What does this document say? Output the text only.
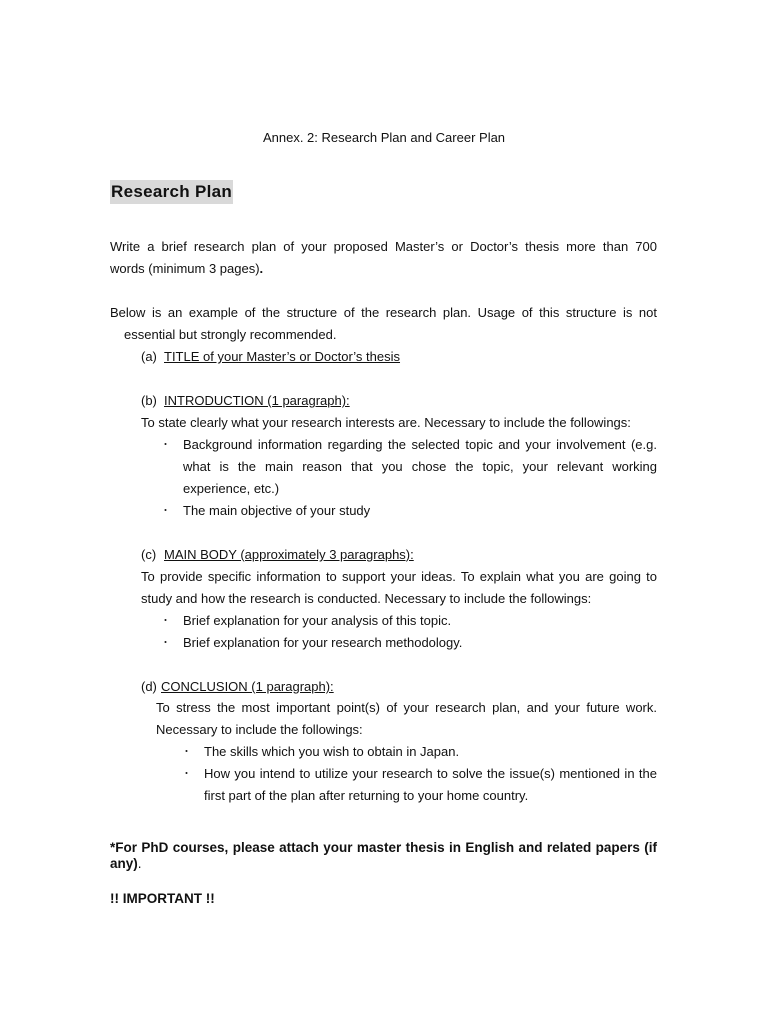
Annex. 2: Research Plan and Career Plan
Research Plan
Write a brief research plan of your proposed Master’s or Doctor’s thesis more than 700
words (minimum 3 pages).
Below is an example of the structure of the research plan. Usage of this structure is not
essential but strongly recommended.
(a) TITLE of your Master’s or Doctor’s thesis
(b) INTRODUCTION (1 paragraph):
To state clearly what your research interests are. Necessary to include the followings:
・ Background information regarding the selected topic and your involvement (e.g. what is the main reason that you chose the topic, your relevant working experience, etc.)
・ The main objective of your study
(c) MAIN BODY (approximately 3 paragraphs):
To provide specific information to support your ideas. To explain what you are going to study and how the research is conducted. Necessary to include the followings:
・ Brief explanation for your analysis of this topic.
・ Brief explanation for your research methodology.
(d) CONCLUSION (1 paragraph):
To stress the most important point(s) of your research plan, and your future work. Necessary to include the followings:
・ The skills which you wish to obtain in Japan.
・ How you intend to utilize your research to solve the issue(s) mentioned in the first part of the plan after returning to your home country.
*For PhD courses, please attach your master thesis in English and related papers (if any).
!! IMPORTANT !!
